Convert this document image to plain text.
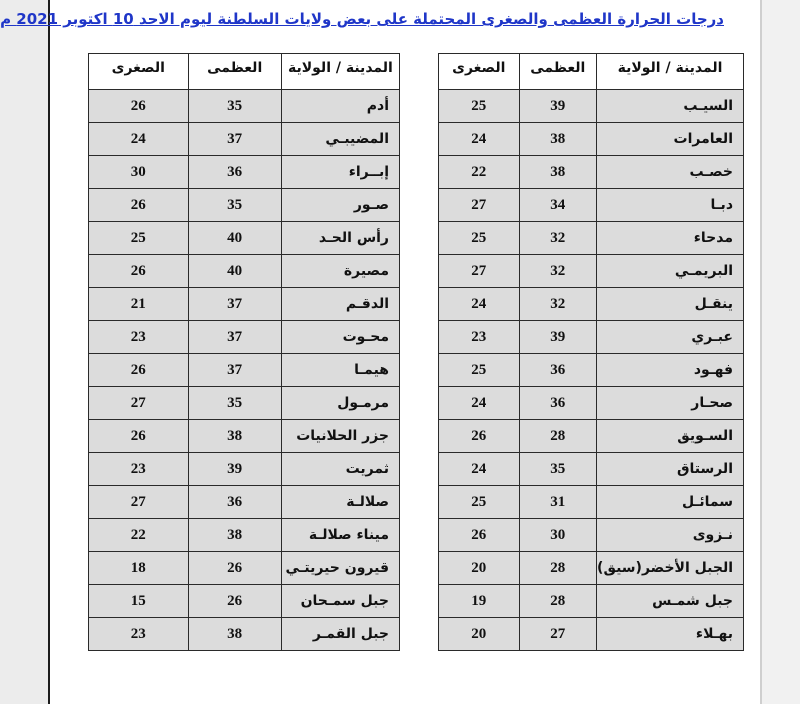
درجات الحرارة العظمى والصغرى المحتملة على بعض ولايات السلطنة ليوم الاحد 10 اكتوبر 2021 م
المدينة / الولاية	العظمى	الصغرى
السيـب	39	25
العامرات	38	24
خصـب	38	22
دبـا	34	27
مدحاء	32	25
البريمـي	32	27
ينقـل	32	24
عبـري	39	23
فهـود	36	25
صحـار	36	24
السـويق	28	26
الرستاق	35	24
سمائـل	31	25
نـزوى	30	26
الجبل الأخضر(سيق)	28	20
جبل شمـس	28	19
بهـلاء	27	20
المدينة / الولاية	العظمى	الصغرى
أدم	35	26
المضيبـي	37	24
إبــراء	36	30
صـور	35	26
رأس الحـد	40	25
مصيرة	40	26
الدقـم	37	21
محـوت	37	23
هيمـا	37	26
مرمـول	35	27
جزر الحلانيات	38	26
ثمريت	39	23
صلالـة	36	27
ميناء صلالـة	38	22
قيرون حيريتـي	26	18
جبل سمـحان	26	15
جبل القمـر	38	23
